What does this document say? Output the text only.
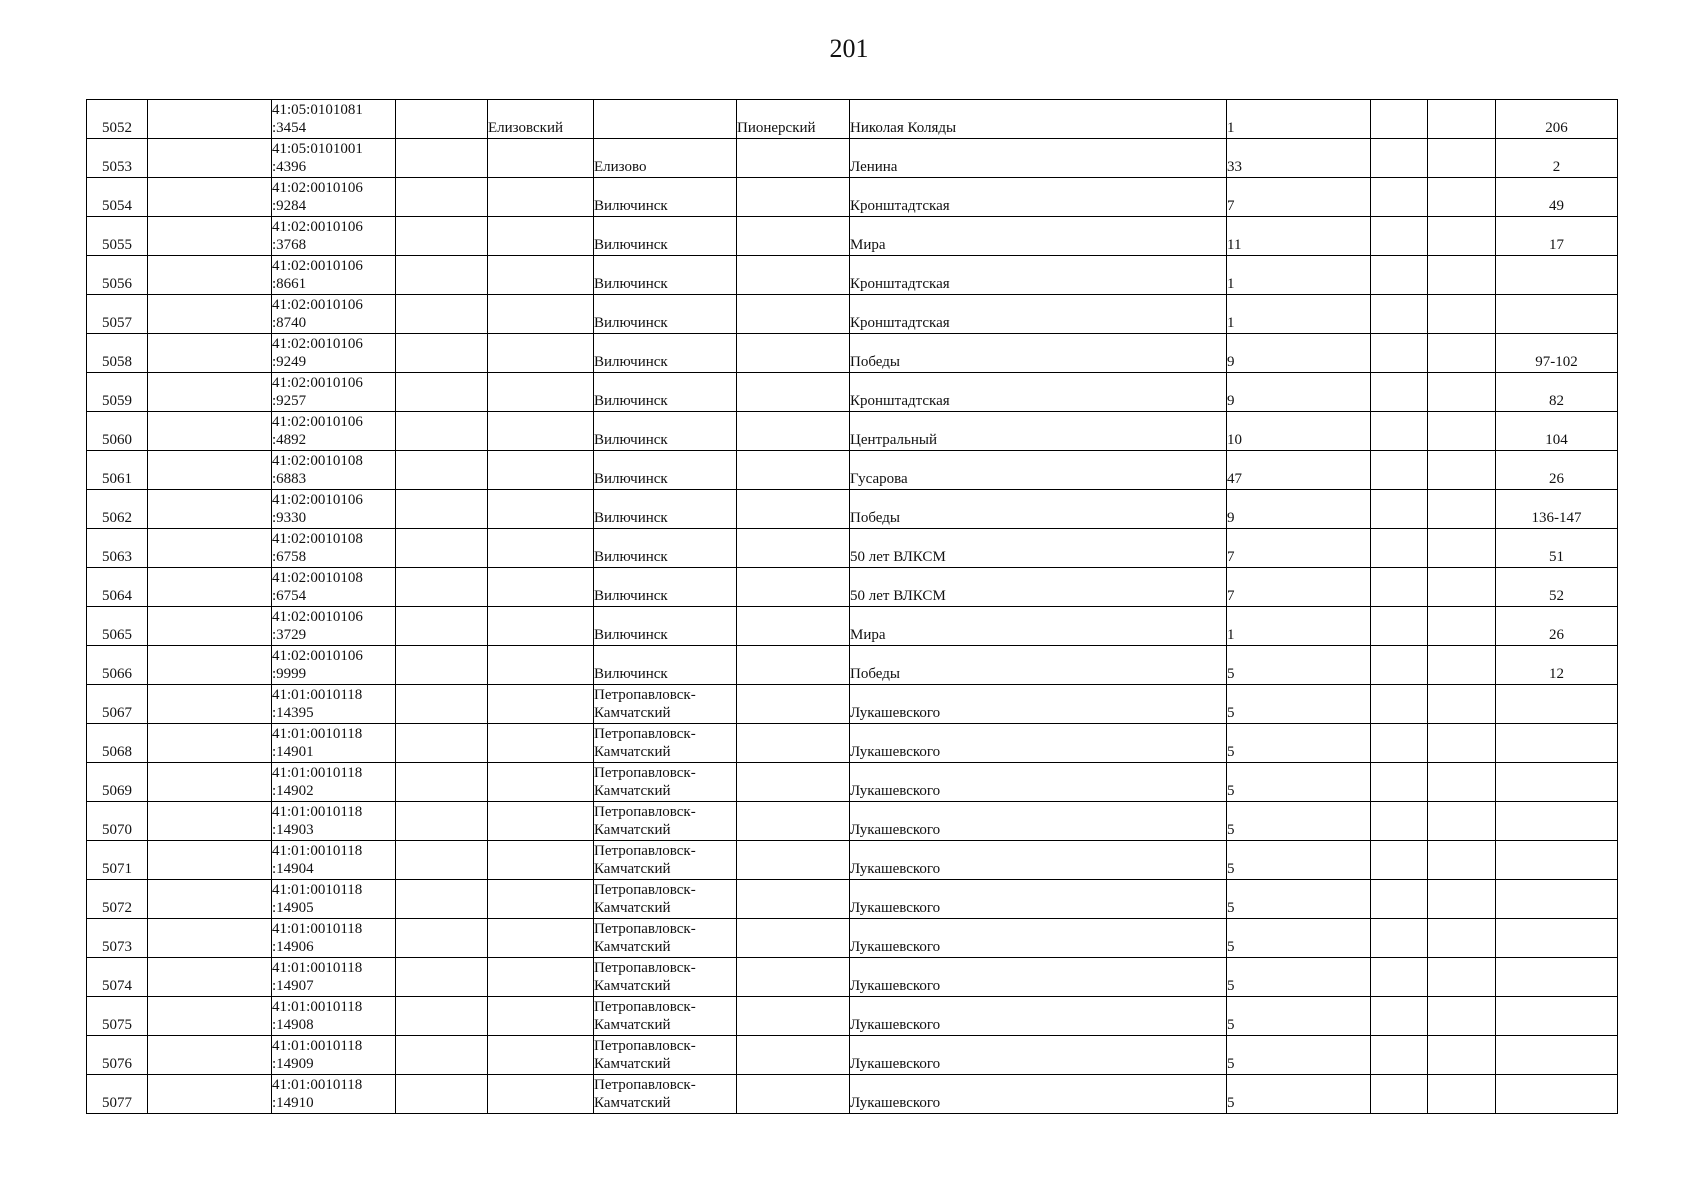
201
5052		41:05:0101081
:3454		Елизовский		Пионерский	Николая Коляды	1			206
5053		41:05:0101001
:4396			Елизово		Ленина	33			2
5054		41:02:0010106
:9284			Вилючинск		Кронштадтская	7			49
5055		41:02:0010106
:3768			Вилючинск		Мира	11			17
5056		41:02:0010106
:8661			Вилючинск		Кронштадтская	1			
5057		41:02:0010106
:8740			Вилючинск		Кронштадтская	1			
5058		41:02:0010106
:9249			Вилючинск		Победы	9			97-102
5059		41:02:0010106
:9257			Вилючинск		Кронштадтская	9			82
5060		41:02:0010106
:4892			Вилючинск		Центральный	10			104
5061		41:02:0010108
:6883			Вилючинск		Гусарова	47			26
5062		41:02:0010106
:9330			Вилючинск		Победы	9			136-147
5063		41:02:0010108
:6758			Вилючинск		50 лет ВЛКСМ	7			51
5064		41:02:0010108
:6754			Вилючинск		50 лет ВЛКСМ	7			52
5065		41:02:0010106
:3729			Вилючинск		Мира	1			26
5066		41:02:0010106
:9999			Вилючинск		Победы	5			12
5067		41:01:0010118
:14395			Петропавловск-
Камчатский		Лукашевского	5			
5068		41:01:0010118
:14901			Петропавловск-
Камчатский		Лукашевского	5			
5069		41:01:0010118
:14902			Петропавловск-
Камчатский		Лукашевского	5			
5070		41:01:0010118
:14903			Петропавловск-
Камчатский		Лукашевского	5			
5071		41:01:0010118
:14904			Петропавловск-
Камчатский		Лукашевского	5			
5072		41:01:0010118
:14905			Петропавловск-
Камчатский		Лукашевского	5			
5073		41:01:0010118
:14906			Петропавловск-
Камчатский		Лукашевского	5			
5074		41:01:0010118
:14907			Петропавловск-
Камчатский		Лукашевского	5			
5075		41:01:0010118
:14908			Петропавловск-
Камчатский		Лукашевского	5			
5076		41:01:0010118
:14909			Петропавловск-
Камчатский		Лукашевского	5			
5077		41:01:0010118
:14910			Петропавловск-
Камчатский		Лукашевского	5			
